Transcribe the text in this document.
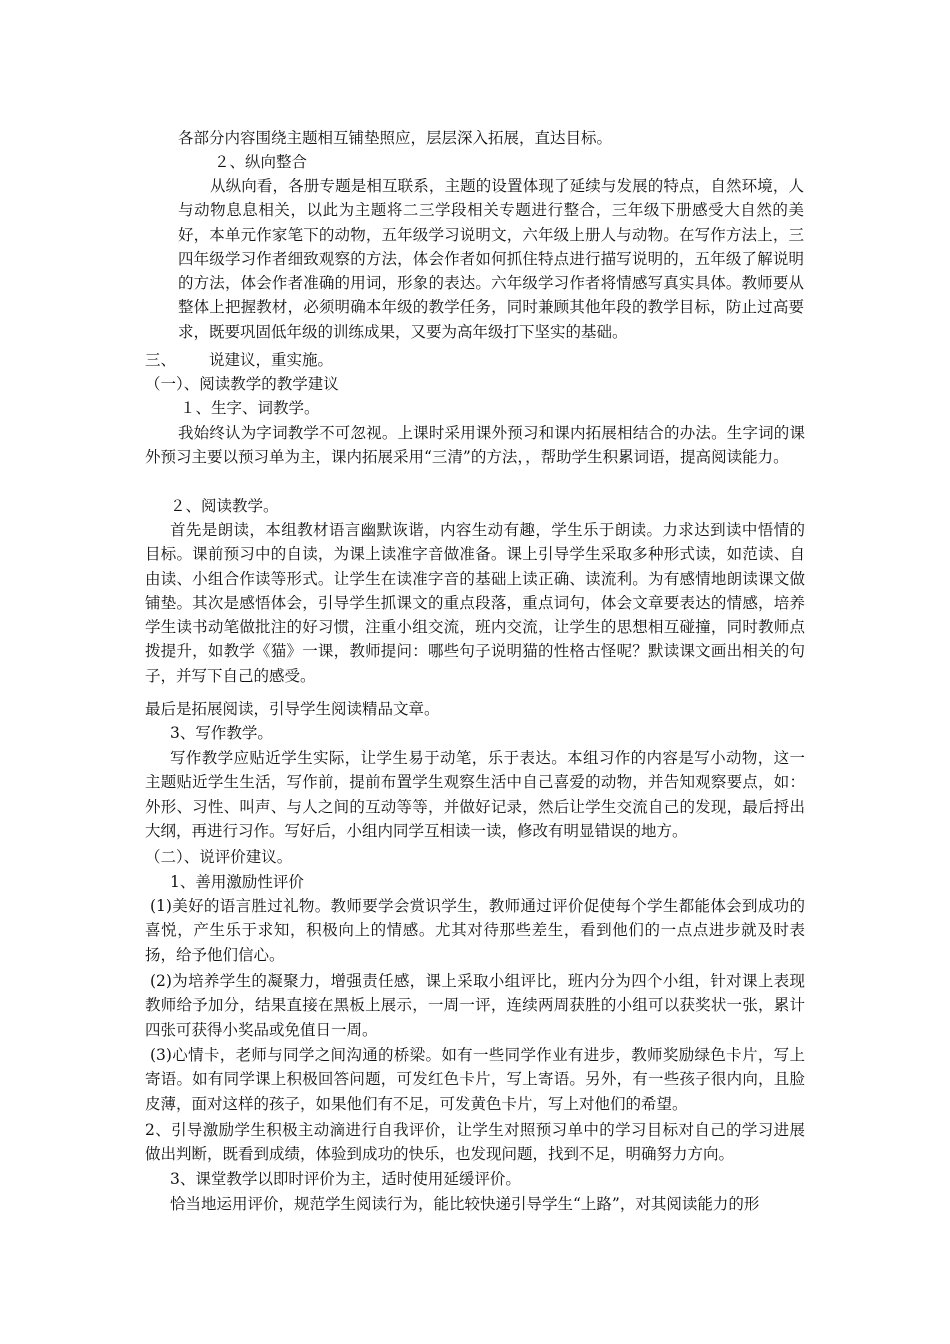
各部分内容围绕主题相互铺垫照应，层层深入拓展，直达目标。
２、纵向整合
从纵向看，各册专题是相互联系，主题的设置体现了延续与发展的特点，自然环境，人与动物息息相关，以此为主题将二三学段相关专题进行整合，三年级下册感受大自然的美好，本单元作家笔下的动物，五年级学习说明文，六年级上册人与动物。在写作方法上，三四年级学习作者细致观察的方法，体会作者如何抓住特点进行描写说明的，五年级了解说明的方法，体会作者准确的用词，形象的表达。六年级学习作者将情感写真实具体。教师要从整体上把握教材，必须明确本年级的教学任务，同时兼顾其他年段的教学目标，防止过高要求，既要巩固低年级的训练成果，又要为高年级打下坚实的基础。
三、 说建议，重实施。
（一）、阅读教学的教学建议
１、生字、词教学。
我始终认为字词教学不可忽视。上课时采用课外预习和课内拓展相结合的办法。生字词的课外预习主要以预习单为主，课内拓展采用“三清”的方法，，帮助学生积累词语，提高阅读能力。
２、阅读教学。
首先是朗读，本组教材语言幽默诙谐，内容生动有趣，学生乐于朗读。力求达到读中悟情的目标。课前预习中的自读，为课上读准字音做准备。课上引导学生采取多种形式读，如范读、自由读、小组合作读等形式。让学生在读准字音的基础上读正确、读流利。为有感情地朗读课文做铺垫。其次是感悟体会，引导学生抓课文的重点段落，重点词句，体会文章要表达的情感，培养学生读书动笔做批注的好习惯，注重小组交流，班内交流，让学生的思想相互碰撞，同时教师点拨提升，如教学《猫》一课，教师提问：哪些句子说明猫的性格古怪呢？默读课文画出相关的句子，并写下自己的感受。
最后是拓展阅读，引导学生阅读精品文章。
3、写作教学。
写作教学应贴近学生实际，让学生易于动笔，乐于表达。本组习作的内容是写小动物，这一主题贴近学生生活，写作前，提前布置学生观察生活中自己喜爱的动物，并告知观察要点，如：外形、习性、叫声、与人之间的互动等等，并做好记录，然后让学生交流自己的发现，最后捋出大纲，再进行习作。写好后，小组内同学互相读一读，修改有明显错误的地方。
（二）、说评价建议。
1、善用激励性评价
(1)美好的语言胜过礼物。教师要学会赏识学生，教师通过评价促使每个学生都能体会到成功的喜悦，产生乐于求知，积极向上的情感。尤其对待那些差生，看到他们的一点点进步就及时表扬，给予他们信心。
(2)为培养学生的凝聚力，增强责任感，课上采取小组评比，班内分为四个小组，针对课上表现教师给予加分，结果直接在黑板上展示，一周一评，连续两周获胜的小组可以获奖状一张，累计四张可获得小奖品或免值日一周。
(3)心情卡，老师与同学之间沟通的桥梁。如有一些同学作业有进步，教师奖励绿色卡片，写上寄语。如有同学课上积极回答问题，可发红色卡片，写上寄语。另外，有一些孩子很内向，且脸皮薄，面对这样的孩子，如果他们有不足，可发黄色卡片，写上对他们的希望。
2、引导激励学生积极主动滴进行自我评价，让学生对照预习单中的学习目标对自己的学习进展做出判断，既看到成绩，体验到成功的快乐，也发现问题，找到不足，明确努力方向。
3、课堂教学以即时评价为主，适时使用延缓评价。
恰当地运用评价，规范学生阅读行为，能比较快递引导学生“上路”，对其阅读能力的形
